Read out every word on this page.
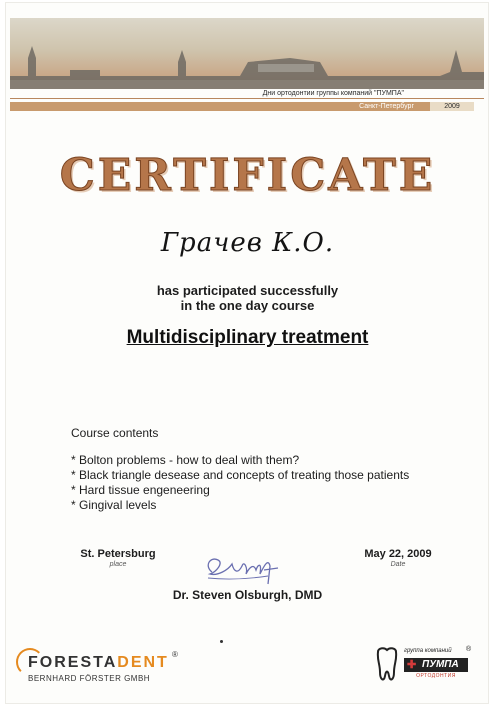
Дни ортодонтии группы компаний "ПУМПА"
Санкт-Петербург	2009
CERTIFICATE
Грачев К.О.
has participated successfully
in the one day course
Multidisciplinary treatment
Course contents
* Bolton problems - how to deal with them?
* Black triangle desease and concepts of treating those patients
* Hard tissue engeneering
* Gingival levels
St. Petersburg
place
May 22, 2009
Date
Dr. Steven Olsburgh, DMD
FORESTADENT ®
BERNHARD FÖRSTER GMBH
группа компаний
✚ ПУМПА
ОРТОДОНТИЯ
®
